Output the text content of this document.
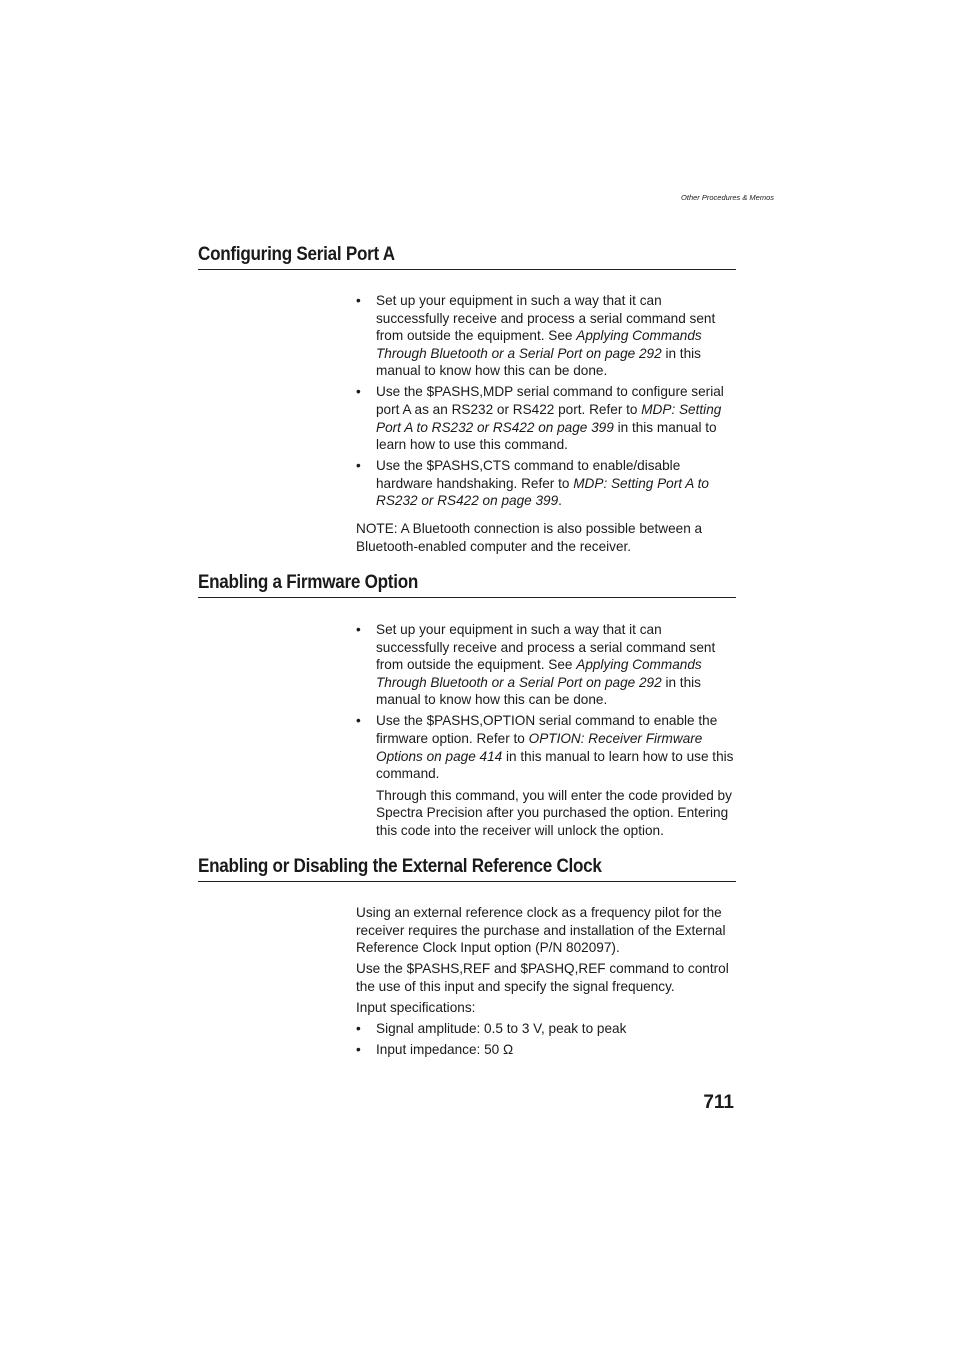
Other Procedures & Memos
Configuring Serial Port A
• Set up your equipment in such a way that it can successfully receive and process a serial command sent from outside the equipment. See Applying Commands Through Bluetooth or a Serial Port on page 292 in this manual to know how this can be done.
• Use the $PASHS,MDP serial command to configure serial port A as an RS232 or RS422 port. Refer to MDP: Setting Port A to RS232 or RS422 on page 399 in this manual to learn how to use this command.
• Use the $PASHS,CTS command to enable/disable hardware handshaking. Refer to MDP: Setting Port A to RS232 or RS422 on page 399.

NOTE: A Bluetooth connection is also possible between a Bluetooth-enabled computer and the receiver.

Enabling a Firmware Option
• Set up your equipment in such a way that it can successfully receive and process a serial command sent from outside the equipment. See Applying Commands Through Bluetooth or a Serial Port on page 292 in this manual to know how this can be done.
• Use the $PASHS,OPTION serial command to enable the firmware option. Refer to OPTION: Receiver Firmware Options on page 414 in this manual to learn how to use this command.

Through this command, you will enter the code provided by Spectra Precision after you purchased the option. Entering this code into the receiver will unlock the option.

Enabling or Disabling the External Reference Clock

Using an external reference clock as a frequency pilot for the receiver requires the purchase and installation of the External Reference Clock Input option (P/N 802097).

Use the $PASHS,REF and $PASHQ,REF command to control the use of this input and specify the signal frequency.

Input specifications:

• Signal amplitude: 0.5 to 3 V, peak to peak
• Input impedance: 50 Ω
711
